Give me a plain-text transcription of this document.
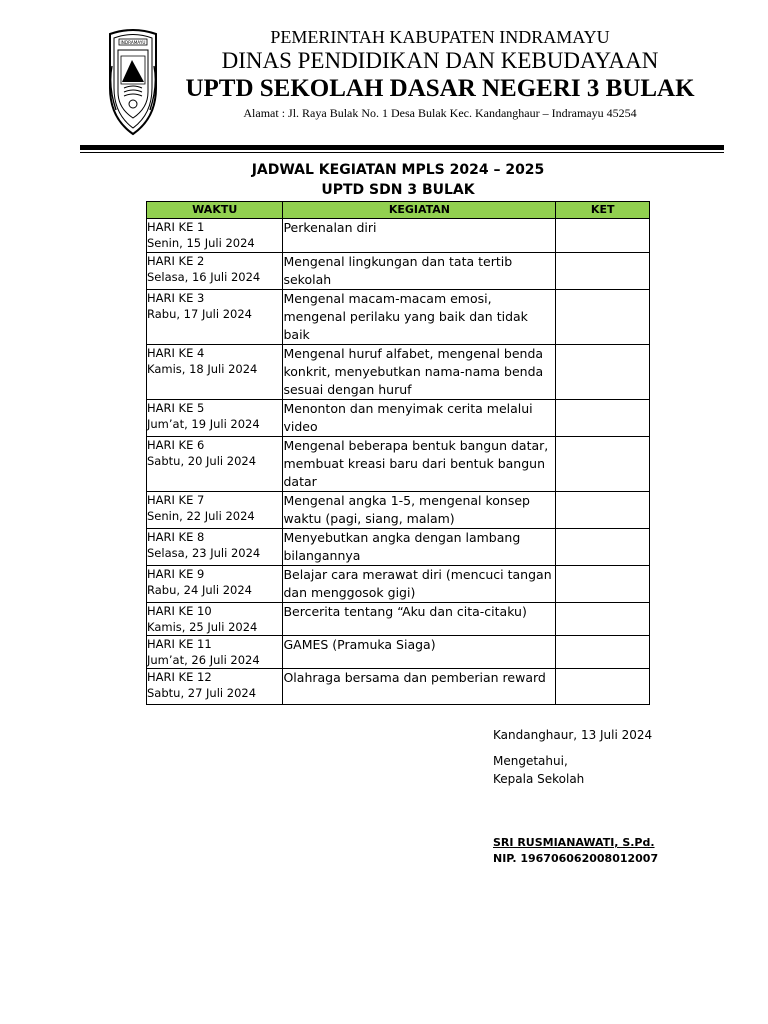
INDRAMAYU	PEMERINTAH KABUPATEN INDRAMAYU
DINAS PENDIDIKAN DAN KEBUDAYAAN
UPTD SEKOLAH DASAR NEGERI 3 BULAK
Alamat : Jl. Raya Bulak No. 1 Desa Bulak Kec. Kandanghaur – Indramayu 45254
JADWAL KEGIATAN MPLS 2024 – 2025
UPTD SDN 3 BULAK
WAKTU	KEGIATAN	KET

HARI KE 1
Senin, 15 Juli 2024	Perkenalan diri	

HARI KE 2
Selasa, 16 Juli 2024	Mengenal lingkungan dan tata tertib sekolah	

HARI KE 3
Rabu, 17 Juli 2024	Mengenal macam-macam emosi, mengenal perilaku yang baik dan tidak baik	

HARI KE 4
Kamis, 18 Juli 2024	Mengenal huruf alfabet, mengenal benda konkrit, menyebutkan nama-nama benda sesuai dengan huruf	

HARI KE 5
Jum’at, 19 Juli 2024	Menonton dan menyimak cerita melalui video	

HARI KE 6
Sabtu, 20 Juli 2024	Mengenal beberapa bentuk bangun datar, membuat kreasi baru dari bentuk bangun datar	

HARI KE 7
Senin, 22 Juli 2024	Mengenal angka 1-5, mengenal konsep waktu (pagi, siang, malam)	

HARI KE 8
Selasa, 23 Juli 2024	Menyebutkan angka dengan lambang bilangannya	

HARI KE 9
Rabu, 24 Juli 2024	Belajar cara merawat diri (mencuci tangan dan menggosok gigi)	

HARI KE 10
Kamis, 25 Juli 2024	Bercerita tentang “Aku dan cita-citaku)	

HARI KE 11
Jum’at, 26 Juli 2024	GAMES (Pramuka Siaga)	

HARI KE 12
Sabtu, 27 Juli 2024	Olahraga bersama dan pemberian reward	
Kandanghaur, 13 Juli 2024
Mengetahui,
Kepala Sekolah
SRI RUSMIANAWATI, S.Pd.
NIP. 196706062008012007
